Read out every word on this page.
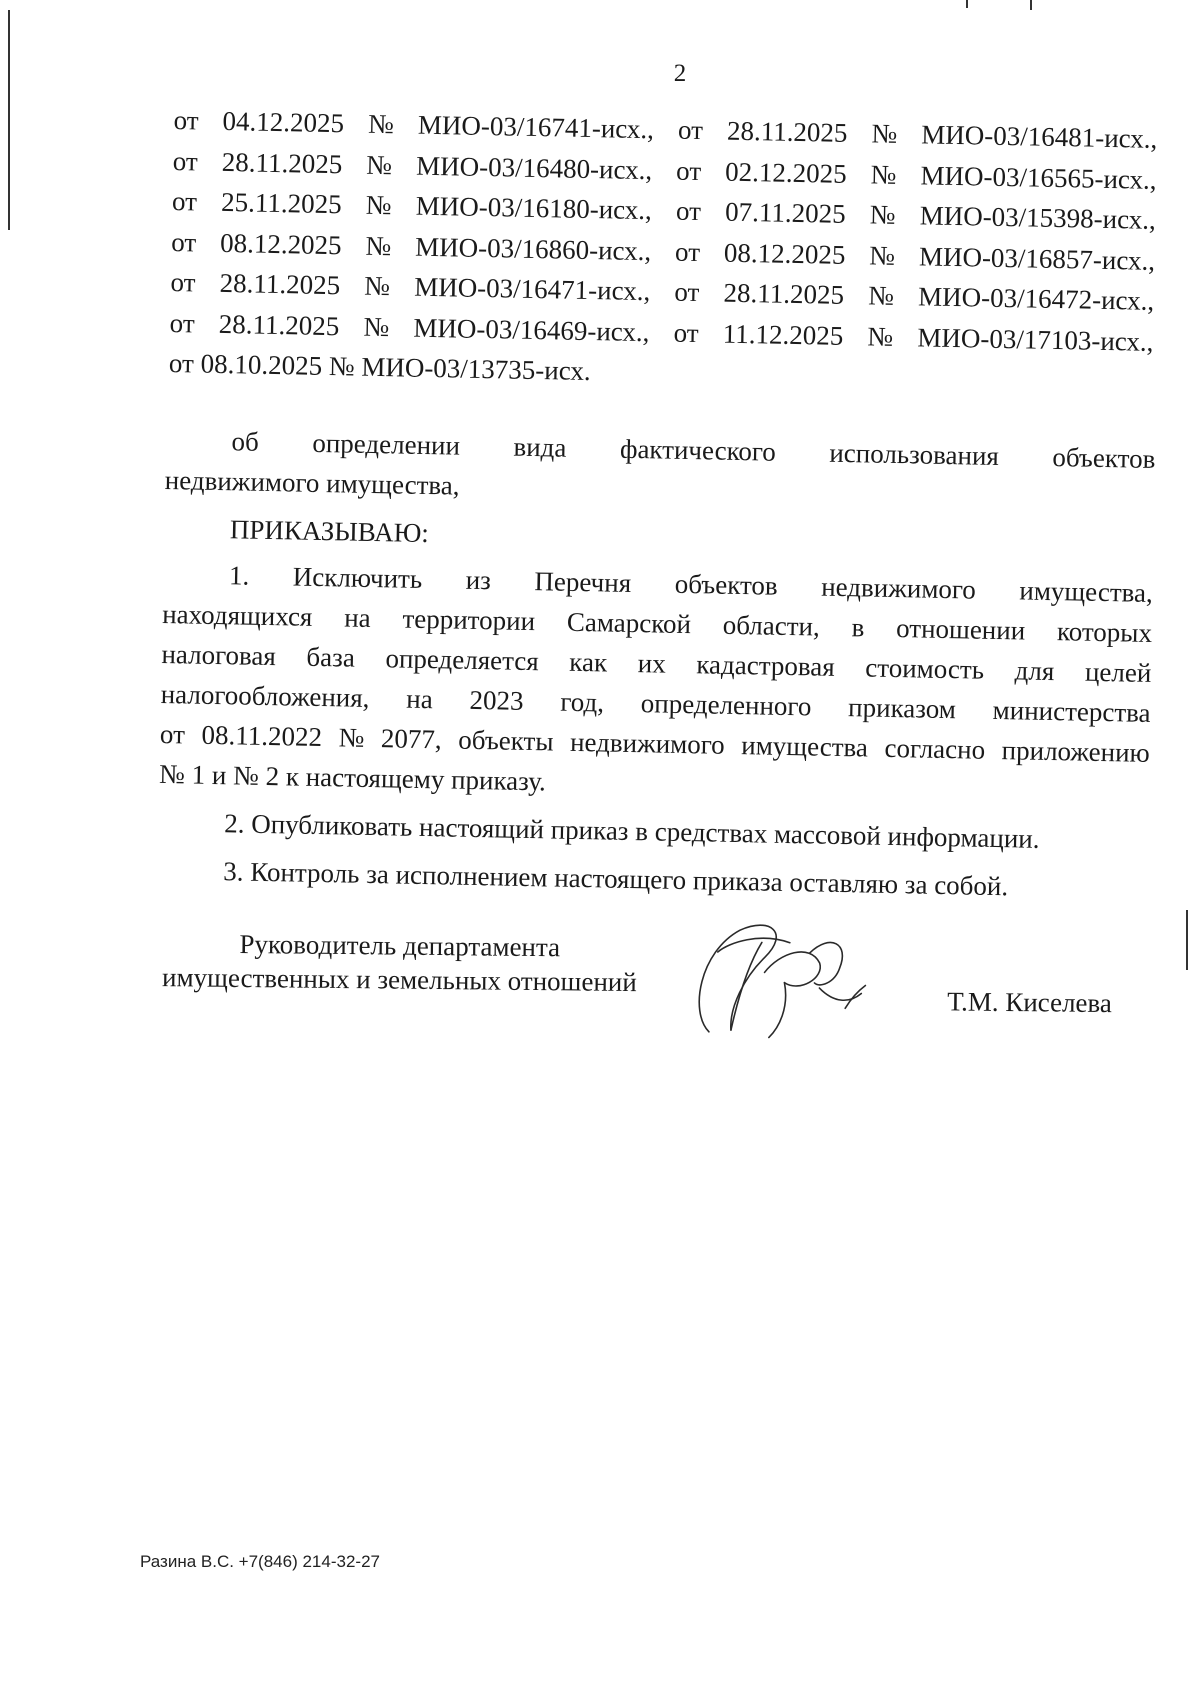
2
от 04.12.2025 № МИО-03/16741-исх., от 28.11.2025 № МИО-03/16481-исх.,
от 28.11.2025 № МИО-03/16480-исх., от 02.12.2025 № МИО-03/16565-исх.,
от 25.11.2025 № МИО-03/16180-исх., от 07.11.2025 № МИО-03/15398-исх.,
от 08.12.2025 № МИО-03/16860-исх., от 08.12.2025 № МИО-03/16857-исх.,
от 28.11.2025 № МИО-03/16471-исх., от 28.11.2025 № МИО-03/16472-исх.,
от 28.11.2025 № МИО-03/16469-исх., от 11.12.2025 № МИО-03/17103-исх.,
от 08.10.2025 № МИО-03/13735-исх.
об определении вида фактического использования объектов
недвижимого имущества,
ПРИКАЗЫВАЮ:
1. Исключить из Перечня объектов недвижимого имущества,
находящихся на территории Самарской области, в отношении которых
налоговая база определяется как их кадастровая стоимость для целей
налогообложения, на 2023 год, определенного приказом министерства
от 08.11.2022 № 2077, объекты недвижимого имущества согласно приложению
№ 1 и № 2 к настоящему приказу.
2. Опубликовать настоящий приказ в средствах массовой информации.
3. Контроль за исполнением настоящего приказа оставляю за собой.
Руководитель департамента
имущественных и земельных отношений
Т.М. Киселева
Разина В.С. +7(846) 214-32-27
